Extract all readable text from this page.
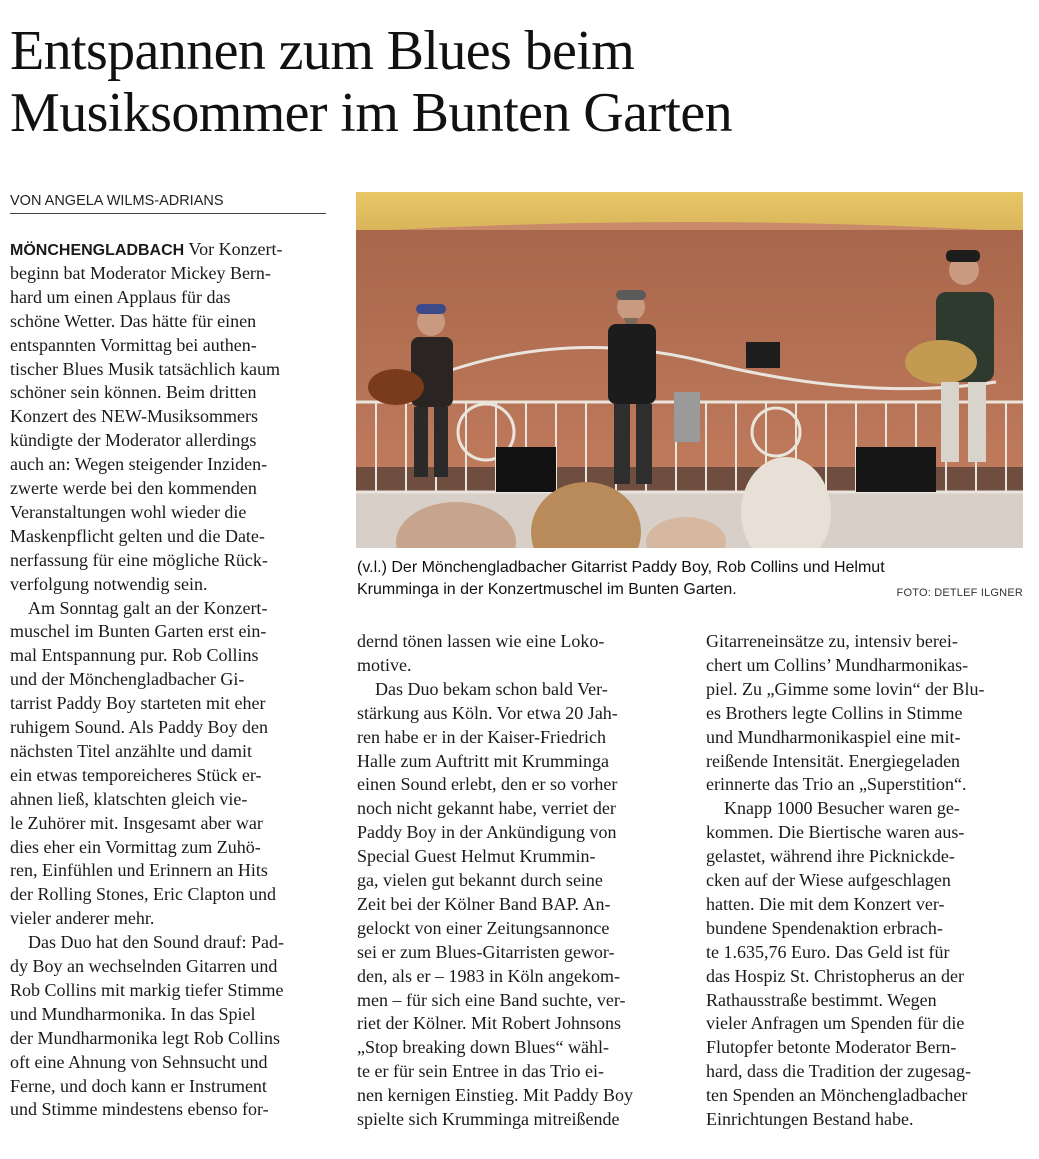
Entspannen zum Blues beim
Musiksommer im Bunten Garten
VON ANGELA WILMS-ADRIANS
MÖNCHENGLADBACH Vor Konzert-
beginn bat Moderator Mickey Bern-
hard um einen Applaus für das
schöne Wetter. Das hätte für einen
entspannten Vormittag bei authen-
tischer Blues Musik tatsächlich kaum
schöner sein können. Beim dritten
Konzert des NEW-Musiksommers
kündigte der Moderator allerdings
auch an: Wegen steigender Inziden-
zwerte werde bei den kommenden
Veranstaltungen wohl wieder die
Maskenpflicht gelten und die Date-
nerfassung für eine mögliche Rück-
verfolgung notwendig sein.
Am Sonntag galt an der Konzert-
muschel im Bunten Garten erst ein-
mal Entspannung pur. Rob Collins
und der Mönchengladbacher Gi-
tarrist Paddy Boy starteten mit eher
ruhigem Sound. Als Paddy Boy den
nächsten Titel anzählte und damit
ein etwas temporeicheres Stück er-
ahnen ließ, klatschten gleich vie-
le Zuhörer mit. Insgesamt aber war
dies eher ein Vormittag zum Zuhö-
ren, Einfühlen und Erinnern an Hits
der Rolling Stones, Eric Clapton und
vieler anderer mehr.
Das Duo hat den Sound drauf: Pad-
dy Boy an wechselnden Gitarren und
Rob Collins mit markig tiefer Stimme
und Mundharmonika. In das Spiel
der Mundharmonika legt Rob Collins
oft eine Ahnung von Sehnsucht und
Ferne, und doch kann er Instrument
und Stimme mindestens ebenso for-
dernd tönen lassen wie eine Loko-
motive.
Das Duo bekam schon bald Ver-
stärkung aus Köln. Vor etwa 20 Jah-
ren habe er in der Kaiser-Friedrich
Halle zum Auftritt mit Krumminga
einen Sound erlebt, den er so vorher
noch nicht gekannt habe, verriet der
Paddy Boy in der Ankündigung von
Special Guest Helmut Krummin-
ga, vielen gut bekannt durch seine
Zeit bei der Kölner Band BAP. An-
gelockt von einer Zeitungsannonce
sei er zum Blues-Gitarristen gewor-
den, als er – 1983 in Köln angekom-
men – für sich eine Band suchte, ver-
riet der Kölner. Mit Robert Johnsons
„Stop breaking down Blues“ wähl-
te er für sein Entree in das Trio ei-
nen kernigen Einstieg. Mit Paddy Boy
spielte sich Krumminga mitreißende
Gitarreneinsätze zu, intensiv berei-
chert um Collins’ Mundharmonikas-
piel. Zu „Gimme some lovin“ der Blu-
es Brothers legte Collins in Stimme
und Mundharmonikaspiel eine mit-
reißende Intensität. Energiegeladen
erinnerte das Trio an „Superstition“.
Knapp 1000 Besucher waren ge-
kommen. Die Biertische waren aus-
gelastet, während ihre Picknickde-
cken auf der Wiese aufgeschlagen
hatten. Die mit dem Konzert ver-
bundene Spendenaktion erbrach-
te 1.635,76 Euro. Das Geld ist für
das Hospiz St. Christopherus an der
Rathausstraße bestimmt. Wegen
vieler Anfragen um Spenden für die
Flutopfer betonte Moderator Bern-
hard, dass die Tradition der zugesag-
ten Spenden an Mönchengladbacher
Einrichtungen Bestand habe.
(v.l.) Der Mönchengladbacher Gitarrist Paddy Boy, Rob Collins und Helmut
Krumminga in der Konzertmuschel im Bunten Garten.	FOTO: DETLEF ILGNER
